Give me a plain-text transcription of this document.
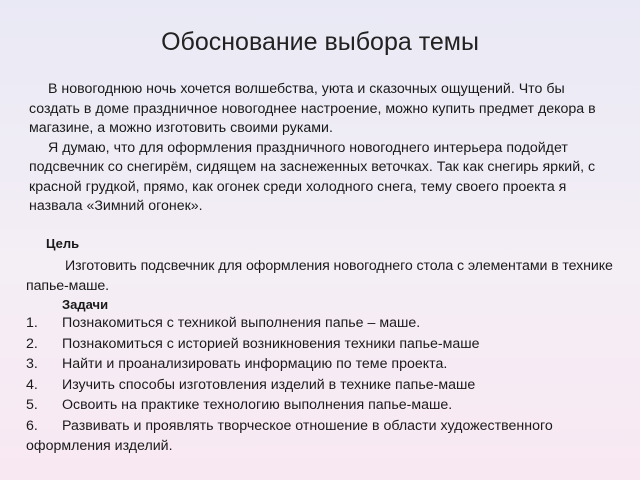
Обоснование выбора темы

В новогоднюю ночь хочется волшебства, уюта и сказочных ощущений. Что бы создать в доме праздничное новогоднее настроение, можно купить предмет декора в магазине, а можно изготовить своими руками.

Я думаю, что для оформления праздничного новогоднего интерьера подойдет подсвечник со снегирём, сидящем на заснеженных веточках. Так как снегирь яркий, с красной грудкой, прямо, как огонек среди холодного снега, тему своего проекта я назвала «Зимний огонек».

Цель

Изготовить подсвечник для оформления новогоднего стола с элементами в технике папье-маше.

Задачи
1. Познакомиться с техникой выполнения папье – маше.
2. Познакомиться с историей возникновения техники папье-маше
3. Найти и проанализировать информацию по теме проекта.
4. Изучить способы изготовления изделий в технике папье-маше
5. Освоить на практике технологию выполнения папье-маше.
6. Развивать и проявлять творческое отношение в области художественного оформления изделий.
